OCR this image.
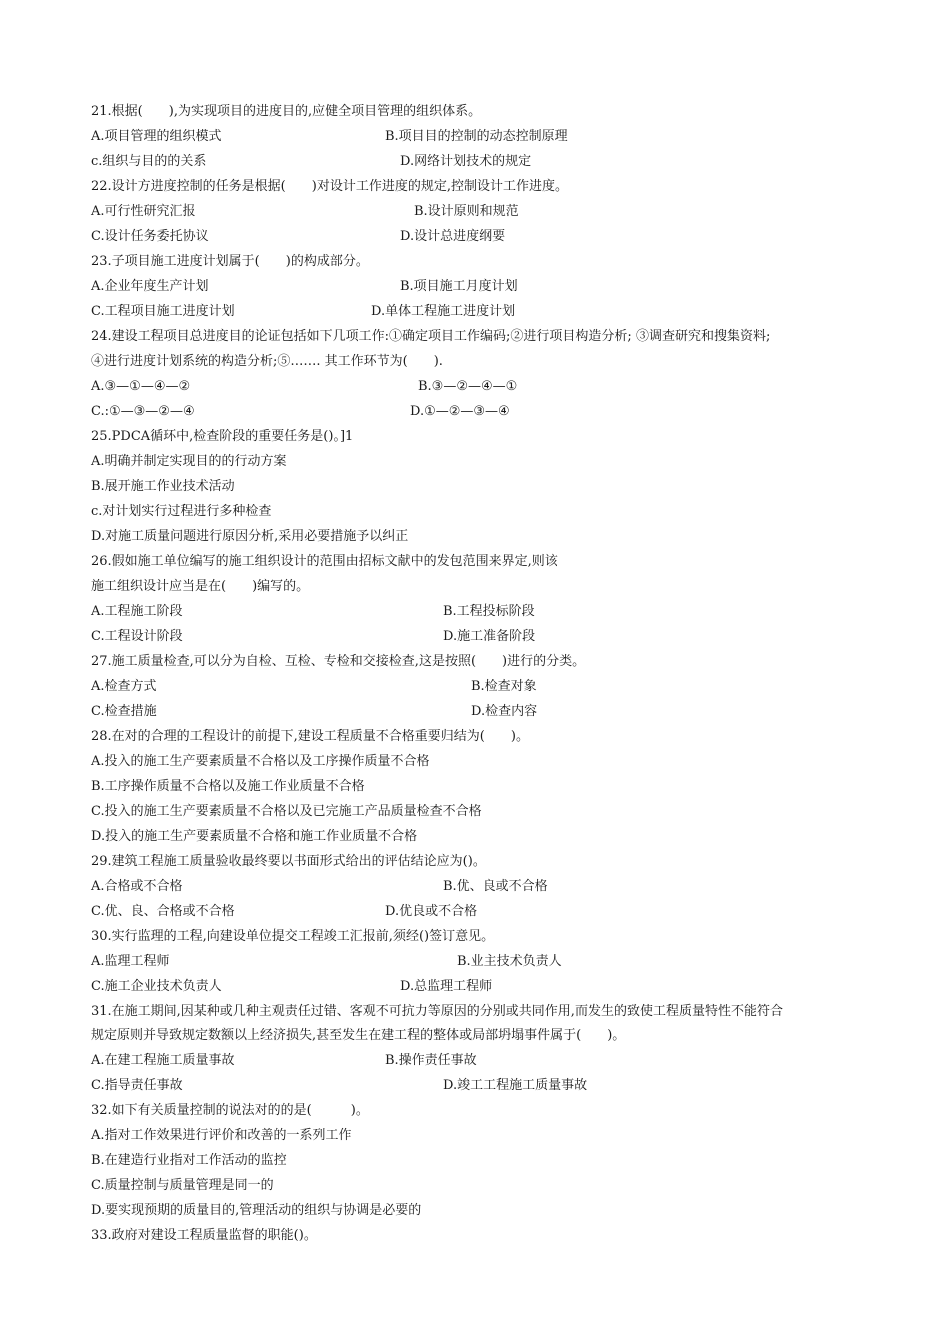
21.根据(　　),为实现项目的进度目的,应健全项目管理的组织体系。
A.项目管理的组织模式	B.项目目的控制的动态控制原理
c.组织与目的的关系	D.网络计划技术的规定
22.设计方进度控制的任务是根据(　　)对设计工作进度的规定,控制设计工作进度。
A.可行性研究汇报	B.设计原则和规范
C.设计任务委托协议	D.设计总进度纲要
23.子项目施工进度计划属于(　　)的构成部分。
A.企业年度生产计划	B.项目施工月度计划
C.工程项目施工进度计划	D.单体工程施工进度计划
24.建设工程项目总进度目的论证包括如下几项工作:①确定项目工作编码;②进行项目构造分析; ③调查研究和搜集资料;
④进行进度计划系统的构造分析;⑤……. 其工作环节为(　　).
A.③—①—④—②	B.③—②—④—①
C.:①—③—②—④	D.①—②—③—④
25.PDCA循环中,检查阶段的重要任务是()。]1
A.明确并制定实现目的的行动方案
B.展开施工作业技术活动
c.对计划实行过程进行多种检查
D.对施工质量问题进行原因分析,采用必要措施予以纠正
26.假如施工单位编写的施工组织设计的范围由招标文献中的发包范围来界定,则该
施工组织设计应当是在(　　)编写的。
A.工程施工阶段	B.工程投标阶段
C.工程设计阶段	D.施工准备阶段
27.施工质量检查,可以分为自检、互检、专检和交接检查,这是按照(　　)进行的分类。
A.检查方式	B.检查对象
C.检查措施	D.检查内容
28.在对的合理的工程设计的前提下,建设工程质量不合格重要归结为(　　)。
A.投入的施工生产要素质量不合格以及工序操作质量不合格
B.工序操作质量不合格以及施工作业质量不合格
C.投入的施工生产要素质量不合格以及已完施工产品质量检查不合格
D.投入的施工生产要素质量不合格和施工作业质量不合格
29.建筑工程施工质量验收最终要以书面形式给出的评估结论应为()。
A.合格或不合格	B.优、良或不合格
C.优、良、合格或不合格	D.优良或不合格
30.实行监理的工程,向建设单位提交工程竣工汇报前,须经()签订意见。
A.监理工程师	B.业主技术负责人
C.施工企业技术负责人	D.总监理工程师
31.在施工期间,因某种或几种主观责任过错、客观不可抗力等原因的分别或共同作用,而发生的致使工程质量特性不能符合
规定原则并导致规定数额以上经济损失,甚至发生在建工程的整体或局部坍塌事件属于(　　)。
A.在建工程施工质量事故	B.操作责任事故
C.指导责任事故	D.竣工工程施工质量事故
32.如下有关质量控制的说法对的的是(　　　)。
A.指对工作效果进行评价和改善的一系列工作
B.在建造行业指对工作活动的监控
C.质量控制与质量管理是同一的
D.要实现预期的质量目的,管理活动的组织与协调是必要的
33.政府对建设工程质量监督的职能()。
